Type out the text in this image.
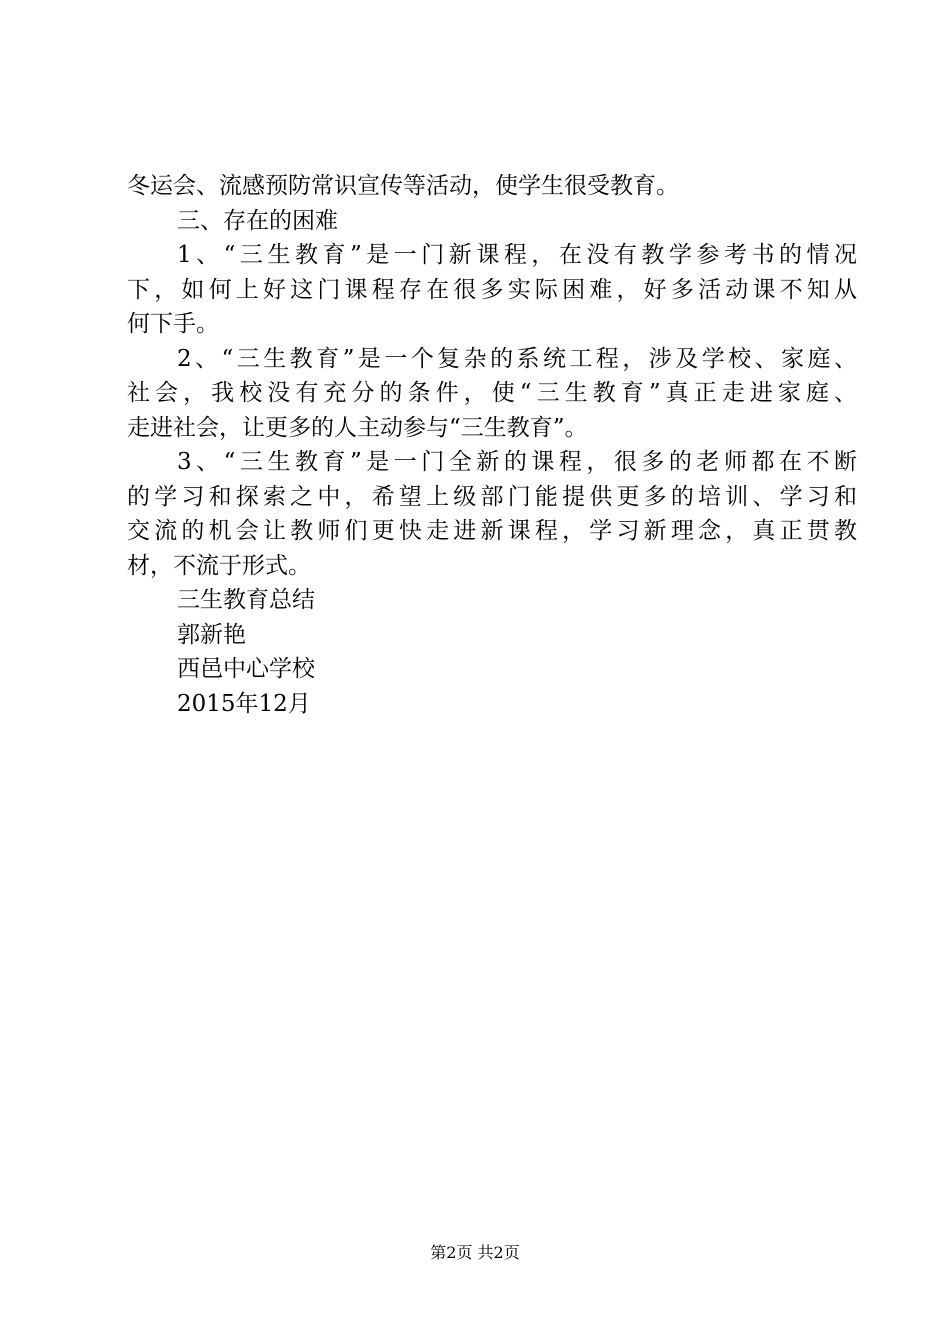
冬运会、流感预防常识宣传等活动，使学生很受教育。
三、存在的困难
1、“三生教育”是一门新课程，在没有教学参考书的情况
下，如何上好这门课程存在很多实际困难，好多活动课不知从
何下手。
2、“三生教育”是一个复杂的系统工程，涉及学校、家庭、
社会，我校没有充分的条件，使“三生教育”真正走进家庭、
走进社会，让更多的人主动参与“三生教育”。
3、“三生教育”是一门全新的课程，很多的老师都在不断
的学习和探索之中，希望上级部门能提供更多的培训、学习和
交流的机会让教师们更快走进新课程，学习新理念，真正贯教
材，不流于形式。
三生教育总结
郭新艳
西邑中心学校
2015年12月
第2页 共2页
